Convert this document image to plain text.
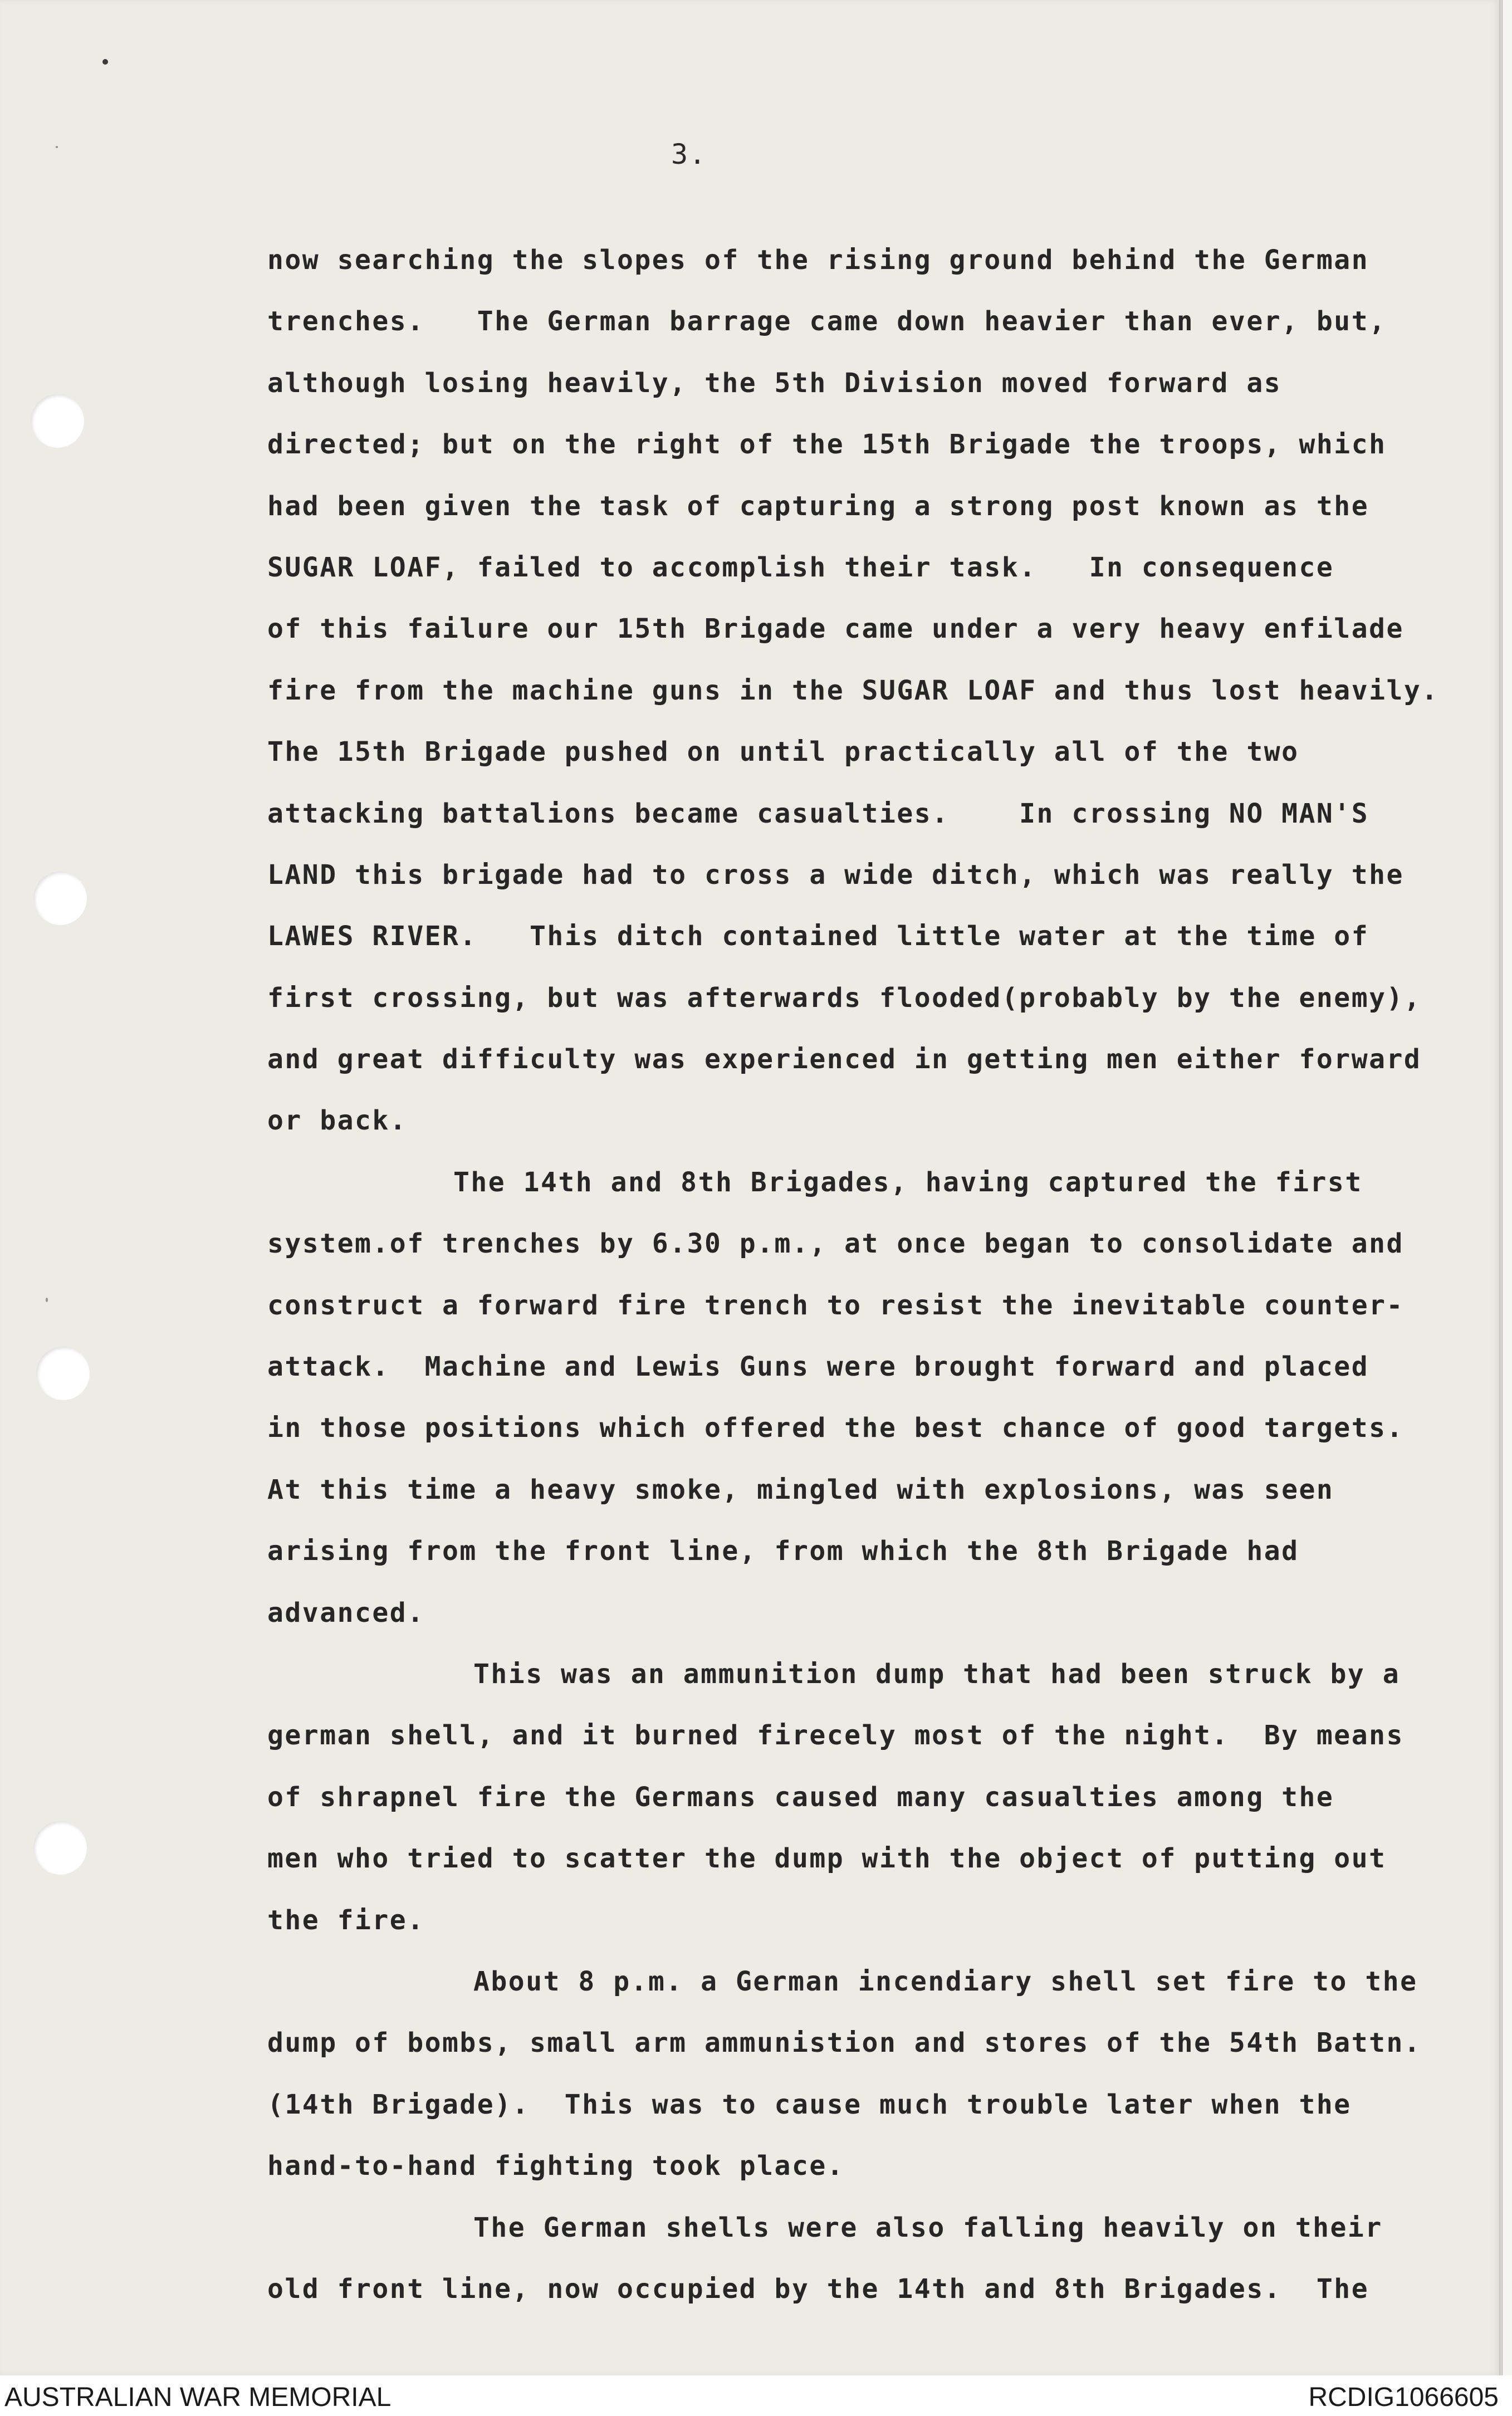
3.
now searching the slopes of the rising ground behind the German
trenches.   The German barrage came down heavier than ever, but,
although losing heavily, the 5th Division moved forward as
directed; but on the right of the 15th Brigade the troops, which
had been given the task of capturing a strong post known as the
SUGAR LOAF, failed to accomplish their task.   In consequence
of this failure our 15th Brigade came under a very heavy enfilade
fire from the machine guns in the SUGAR LOAF and thus lost heavily.
The 15th Brigade pushed on until practically all of the two
attacking battalions became casualties.    In crossing NO MAN'S
LAND this brigade had to cross a wide ditch, which was really the
LAWES RIVER.   This ditch contained little water at the time of
first crossing, but was afterwards flooded(probably by the enemy),
and great difficulty was experienced in getting men either forward
or back.
The 14th and 8th Brigades, having captured the first
system.of trenches by 6.30 p.m., at once began to consolidate and
construct a forward fire trench to resist the inevitable counter-
attack.  Machine and Lewis Guns were brought forward and placed
in those positions which offered the best chance of good targets.
At this time a heavy smoke, mingled with explosions, was seen
arising from the front line, from which the 8th Brigade had
advanced.
This was an ammunition dump that had been struck by a
german shell, and it burned firecely most of the night.  By means
of shrapnel fire the Germans caused many casualties among the
men who tried to scatter the dump with the object of putting out
the fire.
About 8 p.m. a German incendiary shell set fire to the
dump of bombs, small arm ammunistion and stores of the 54th Battn.
(14th Brigade).  This was to cause much trouble later when the
hand-to-hand fighting took place.
The German shells were also falling heavily on their
old front line, now occupied by the 14th and 8th Brigades.  The
AUSTRALIAN WAR MEMORIAL	RCDIG1066605
